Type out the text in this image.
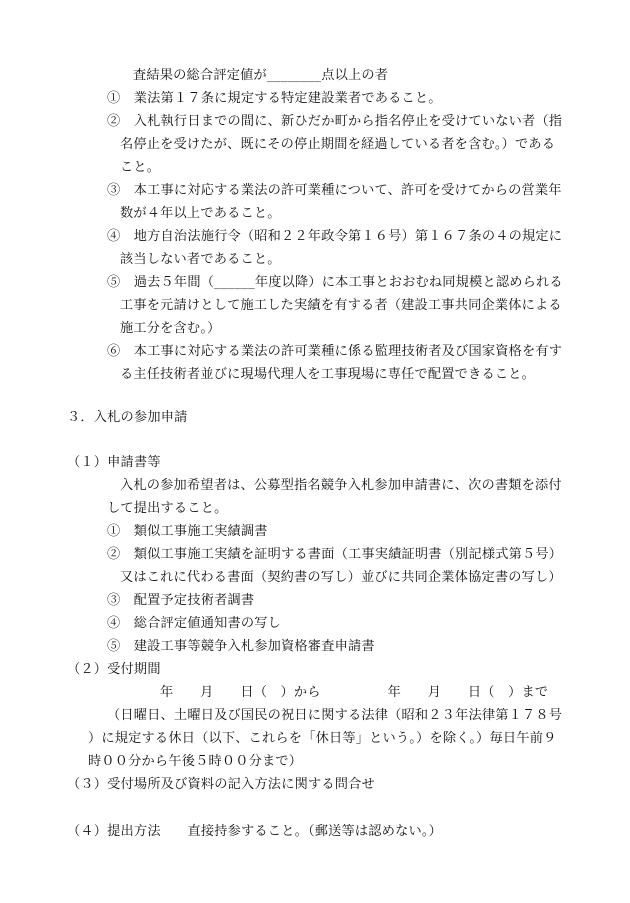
査結果の総合評定値が________点以上の者
①　業法第１７条に規定する特定建設業者であること。
②　入札執行日までの間に、新ひだか町から指名停止を受けていない者（指
名停止を受けたが、既にその停止期間を経過している者を含む。）である
こと。
③　本工事に対応する業法の許可業種について、許可を受けてからの営業年
数が４年以上であること。
④　地方自治法施行令（昭和２２年政令第１６号）第１６７条の４の規定に
該当しない者であること。
⑤　過去５年間（______年度以降）に本工事とおおむね同規模と認められる
工事を元請けとして施工した実績を有する者（建設工事共同企業体による
施工分を含む。）
⑥　本工事に対応する業法の許可業種に係る監理技術者及び国家資格を有す
る主任技術者並びに現場代理人を工事現場に専任で配置できること。
３．入札の参加申請
（１）申請書等
入札の参加希望者は、公募型指名競争入札参加申請書に、次の書類を添付
して提出すること。
①　類似工事施工実績調書
②　類似工事施工実績を証明する書面（工事実績証明書（別記様式第５号）
又はこれに代わる書面（契約書の写し）並びに共同企業体協定書の写し）
③　配置予定技術者調書
④　総合評定値通知書の写し
⑤　建設工事等競争入札参加資格審査申請書
（２）受付期間
年　　月　　日（　）から　　　　　年　　月　　日（　）まで
（日曜日、土曜日及び国民の祝日に関する法律（昭和２３年法律第１７８号
）に規定する休日（以下、これらを「休日等」という。）を除く。）毎日午前９
時００分から午後５時００分まで）
（３）受付場所及び資料の記入方法に関する問合せ
（４）提出方法　　直接持参すること。（郵送等は認めない。）
